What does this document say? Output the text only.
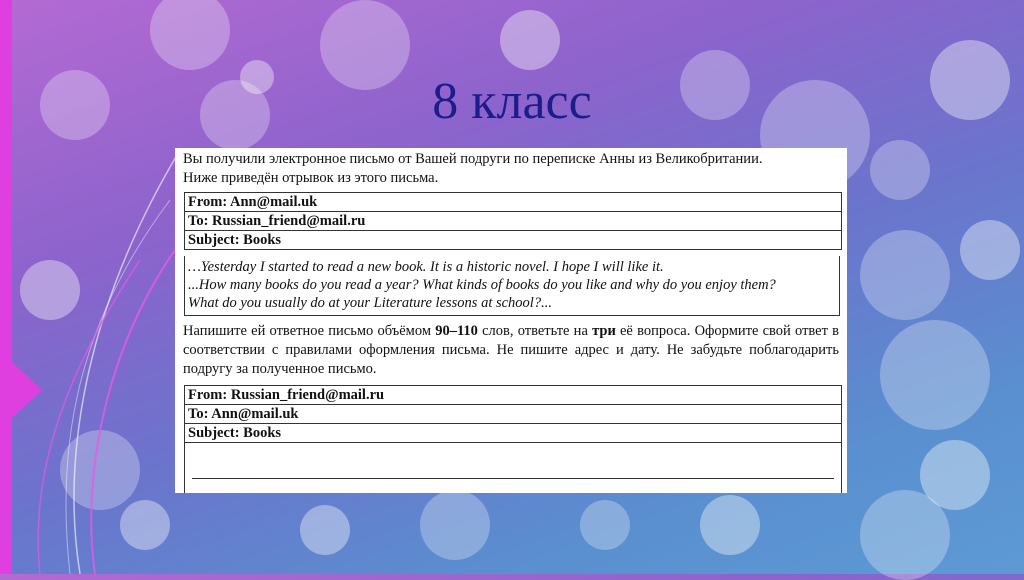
8 класс
Вы получили электронное письмо от Вашей подруги по переписке Анны из Великобритании.
Ниже приведён отрывок из этого письма.
From: Ann@mail.uk
To: Russian_friend@mail.ru
Subject: Books
…Yesterday I started to read a new book. It is a historic novel. I hope I will like it.
...How many books do you read a year? What kinds of books do you like and why do you enjoy them?
What do you usually do at your Literature lessons at school?...
Напишите ей ответное письмо объёмом 90–110 слов, ответьте на три её вопроса. Оформите свой ответ в соответствии с правилами оформления письма. Не пишите адрес и дату. Не забудьте поблагодарить подругу за полученное письмо.
From: Russian_friend@mail.ru
To: Ann@mail.uk
Subject: Books
